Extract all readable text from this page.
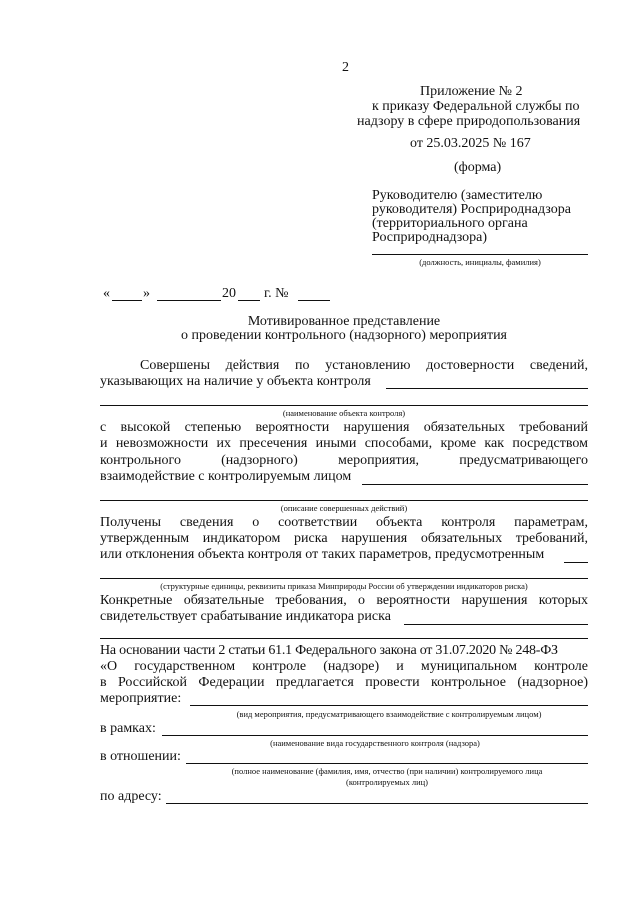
2
Приложение № 2
к приказу Федеральной службы по
надзору в сфере природопользования
от 25.03.2025 № 167
(форма)
Руководителю (заместителю
руководителя) Росприроднадзора
(территориального органа
Росприроднадзора)
(должность, инициалы, фамилия)
« »	20 г. №
Мотивированное представление
о проведении контрольного (надзорного) мероприятия
Совершены действия по установлению достоверности сведений,
указывающих на наличие у объекта контроля
(наименование объекта контроля)
с высокой степенью вероятности нарушения обязательных требований
и невозможности их пресечения иными способами, кроме как посредством
контрольного (надзорного) мероприятия, предусматривающего
взаимодействие с контролируемым лицом
(описание совершенных действий)
Получены сведения о соответствии объекта контроля параметрам,
утвержденным индикатором риска нарушения обязательных требований,
или отклонения объекта контроля от таких параметров, предусмотренным
(структурные единицы, реквизиты приказа Минприроды России об утверждении индикаторов риска)
Конкретные обязательные требования, о вероятности нарушения которых
свидетельствует срабатывание индикатора риска
На основании части 2 статьи 61.1 Федерального закона от 31.07.2020 № 248-ФЗ
«О государственном контроле (надзоре) и муниципальном контроле
в Российской Федерации предлагается провести контрольное (надзорное)
мероприятие:
(вид мероприятия, предусматривающего взаимодействие с контролируемым лицом)
в рамках:
(наименование вида государственного контроля (надзора)
в отношении:
(полное наименование (фамилия, имя, отчество (при наличии) контролируемого лица
(контролируемых лиц)
по адресу:
